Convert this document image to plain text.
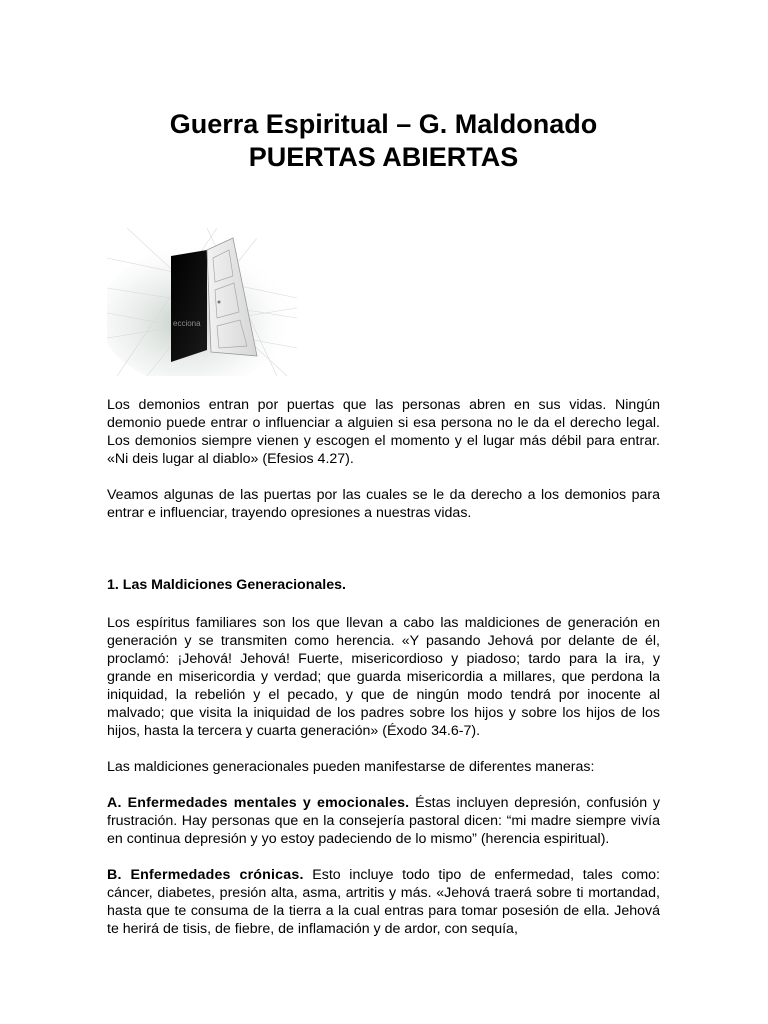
Guerra Espiritual – G. Maldonado
PUERTAS ABIERTAS
ecciona

Los demonios entran por puertas que las personas abren en sus vidas. Ningún demonio puede entrar o influenciar a alguien si esa persona no le da el derecho legal. Los demonios siempre vienen y escogen el momento y el lugar más débil para entrar. «Ni deis lugar al diablo» (Efesios 4.27).

Veamos algunas de las puertas por las cuales se le da derecho a los demonios para entrar e influenciar, trayendo opresiones a nuestras vidas.

1. Las Maldiciones Generacionales.

Los espíritus familiares son los que llevan a cabo las maldiciones de generación en generación y se transmiten como herencia. «Y pasando Jehová por delante de él, proclamó: ¡Jehová! Jehová! Fuerte, misericordioso y piadoso; tardo para la ira, y grande en misericordia y verdad; que guarda misericordia a millares, que perdona la iniquidad, la rebelión y el pecado, y que de ningún modo tendrá por inocente al malvado; que visita la iniquidad de los padres sobre los hijos y sobre los hijos de los hijos, hasta la tercera y cuarta generación» (Éxodo 34.6-7).

Las maldiciones generacionales pueden manifestarse de diferentes maneras:

A. Enfermedades mentales y emocionales. Éstas incluyen depresión, confusión y frustración. Hay personas que en la consejería pastoral dicen: “mi madre siempre vivía en continua depresión y yo estoy padeciendo de lo mismo” (herencia espiritual).

B. Enfermedades crónicas. Esto incluye todo tipo de enfermedad, tales como: cáncer, diabetes, presión alta, asma, artritis y más. «Jehová traerá sobre ti mortandad, hasta que te consuma de la tierra a la cual entras para tomar posesión de ella. Jehová te herirá de tisis, de fiebre, de inflamación y de ardor, con sequía,
